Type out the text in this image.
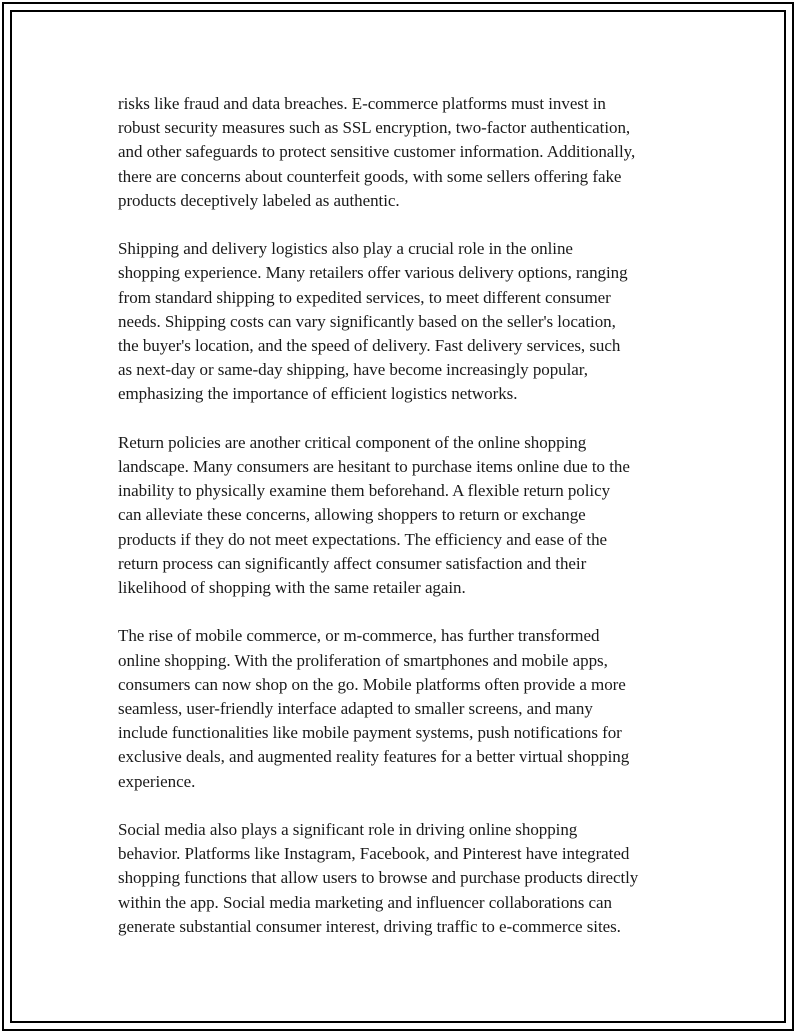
risks like fraud and data breaches. E-commerce platforms must invest in
robust security measures such as SSL encryption, two-factor authentication,
and other safeguards to protect sensitive customer information. Additionally,
there are concerns about counterfeit goods, with some sellers offering fake
products deceptively labeled as authentic.

Shipping and delivery logistics also play a crucial role in the online
shopping experience. Many retailers offer various delivery options, ranging
from standard shipping to expedited services, to meet different consumer
needs. Shipping costs can vary significantly based on the seller's location,
the buyer's location, and the speed of delivery. Fast delivery services, such
as next-day or same-day shipping, have become increasingly popular,
emphasizing the importance of efficient logistics networks.

Return policies are another critical component of the online shopping
landscape. Many consumers are hesitant to purchase items online due to the
inability to physically examine them beforehand. A flexible return policy
can alleviate these concerns, allowing shoppers to return or exchange
products if they do not meet expectations. The efficiency and ease of the
return process can significantly affect consumer satisfaction and their
likelihood of shopping with the same retailer again.

The rise of mobile commerce, or m-commerce, has further transformed
online shopping. With the proliferation of smartphones and mobile apps,
consumers can now shop on the go. Mobile platforms often provide a more
seamless, user-friendly interface adapted to smaller screens, and many
include functionalities like mobile payment systems, push notifications for
exclusive deals, and augmented reality features for a better virtual shopping
experience.

Social media also plays a significant role in driving online shopping
behavior. Platforms like Instagram, Facebook, and Pinterest have integrated
shopping functions that allow users to browse and purchase products directly
within the app. Social media marketing and influencer collaborations can
generate substantial consumer interest, driving traffic to e-commerce sites.
